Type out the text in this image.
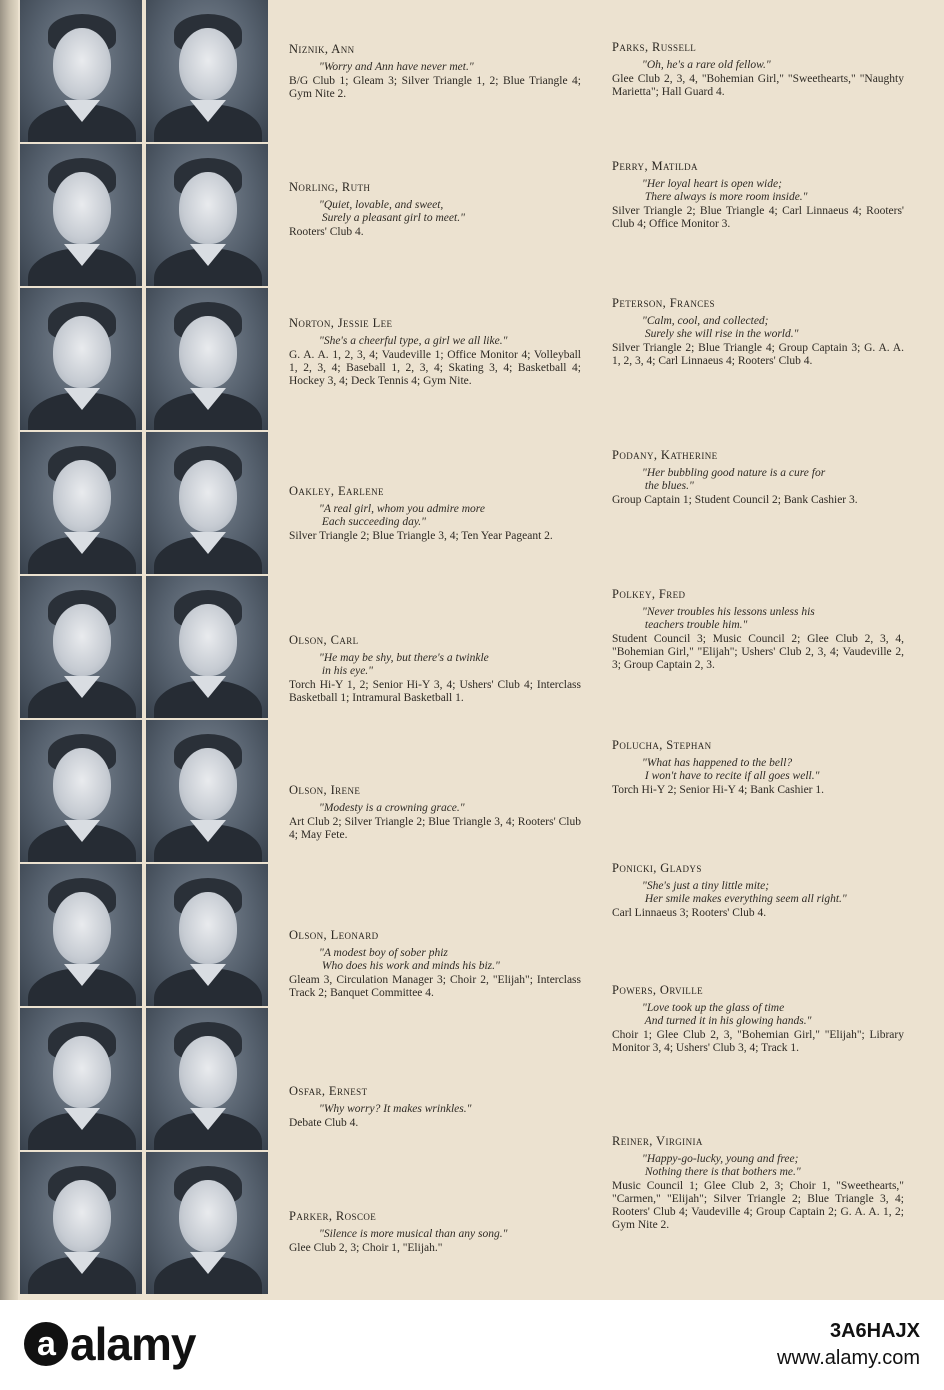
Niznik, Ann
"Worry and Ann have never met."
B/G Club 1; Gleam 3; Silver Triangle 1, 2; Blue Triangle 4; Gym Nite 2.
Norling, Ruth
"Quiet, lovable, and sweet,
Surely a pleasant girl to meet."
Rooters' Club 4.
Norton, Jessie Lee
"She's a cheerful type, a girl we all like."
G. A. A. 1, 2, 3, 4; Vaudeville 1; Office Monitor 4; Volleyball 1, 2, 3, 4; Baseball 1, 2, 3, 4; Skating 3, 4; Basketball 4; Hockey 3, 4; Deck Tennis 4; Gym Nite.
Oakley, Earlene
"A real girl, whom you admire more
Each succeeding day."
Silver Triangle 2; Blue Triangle 3, 4; Ten Year Pageant 2.
Olson, Carl
"He may be shy, but there's a twinkle
in his eye."
Torch Hi-Y 1, 2; Senior Hi-Y 3, 4; Ushers' Club 4; Interclass Basketball 1; Intramural Basketball 1.
Olson, Irene
"Modesty is a crowning grace."
Art Club 2; Silver Triangle 2; Blue Triangle 3, 4; Rooters' Club 4; May Fete.
Olson, Leonard
"A modest boy of sober phiz
Who does his work and minds his biz."
Gleam 3, Circulation Manager 3; Choir 2, "Elijah"; Interclass Track 2; Banquet Committee 4.
Osfar, Ernest
"Why worry? It makes wrinkles."
Debate Club 4.
Parker, Roscoe
"Silence is more musical than any song."
Glee Club 2, 3; Choir 1, "Elijah."
Parks, Russell
"Oh, he's a rare old fellow."
Glee Club 2, 3, 4, "Bohemian Girl," "Sweethearts," "Naughty Marietta"; Hall Guard 4.
Perry, Matilda
"Her loyal heart is open wide;
There always is more room inside."
Silver Triangle 2; Blue Triangle 4; Carl Linnaeus 4; Rooters' Club 4; Office Monitor 3.
Peterson, Frances
"Calm, cool, and collected;
Surely she will rise in the world."
Silver Triangle 2; Blue Triangle 4; Group Captain 3; G. A. A. 1, 2, 3, 4; Carl Linnaeus 4; Rooters' Club 4.
Podany, Katherine
"Her bubbling good nature is a cure for
the blues."
Group Captain 1; Student Council 2; Bank Cashier 3.
Polkey, Fred
"Never troubles his lessons unless his
teachers trouble him."
Student Council 3; Music Council 2; Glee Club 2, 3, 4, "Bohemian Girl," "Elijah"; Ushers' Club 2, 3, 4; Vaudeville 2, 3; Group Captain 2, 3.
Polucha, Stephan
"What has happened to the bell?
I won't have to recite if all goes well."
Torch Hi-Y 2; Senior Hi-Y 4; Bank Cashier 1.
Ponicki, Gladys
"She's just a tiny little mite;
Her smile makes everything seem all right."
Carl Linnaeus 3; Rooters' Club 4.
Powers, Orville
"Love took up the glass of time
And turned it in his glowing hands."
Choir 1; Glee Club 2, 3, "Bohemian Girl," "Elijah"; Library Monitor 3, 4; Ushers' Club 3, 4; Track 1.
Reiner, Virginia
"Happy-go-lucky, young and free;
Nothing there is that bothers me."
Music Council 1; Glee Club 2, 3; Choir 1, "Sweethearts," "Carmen," "Elijah"; Silver Triangle 2; Blue Triangle 3, 4; Rooters' Club 4; Vaudeville 4; Group Captain 2; G. A. A. 1, 2; Gym Nite 2.
a alamy	3A6HAJX
www.alamy.com
